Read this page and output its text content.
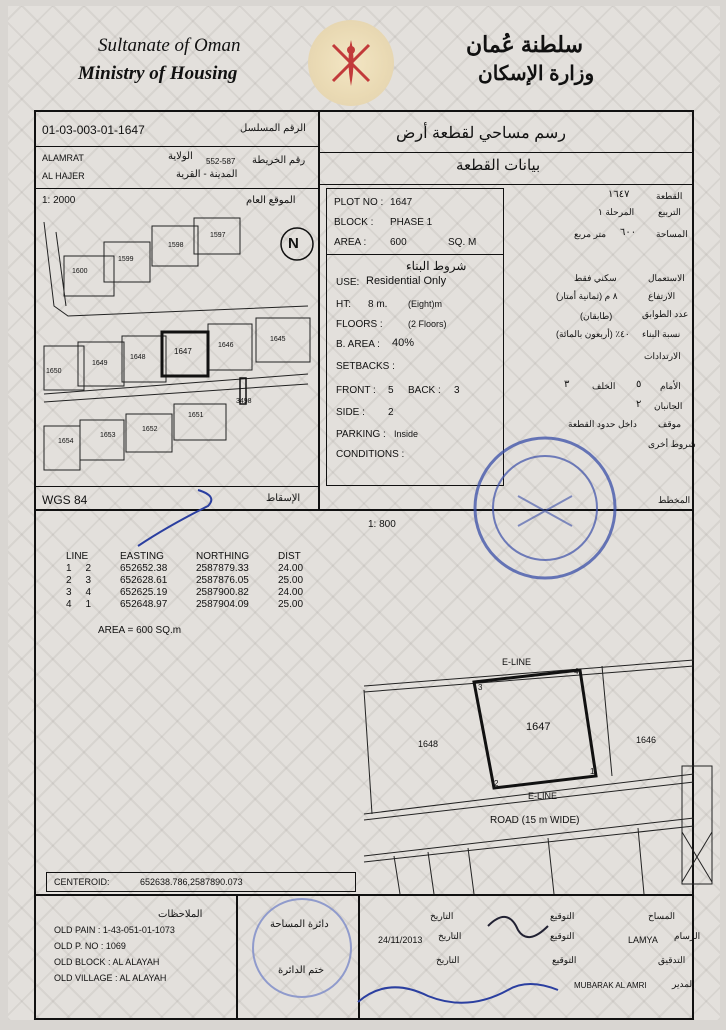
Sultanate of Oman
Ministry of Housing
سلطنة عُمان
وزارة الإسكان
01-03-003-01-1647	الرقم المسلسل
ALAMRAT	الولاية 552-587 رقم الخريطة
AL HAJER	المدينة - القرية
1: 2000	الموقع العام
WGS 84	الإسقاط
N
1600
1599
1598
1597
1645
1646
1647
1648
1649
1650
1651
1652
1653
1654
3498
رسم مساحي لقطعة أرض
بيانات القطعة
PLOT NO : 1647
BLOCK : PHASE 1
AREA : 600	SQ. M
شروط البناء
USE: Residential Only
HT: 8 m. (Eight)m
FLOORS :	(2 Floors)
B. AREA : 40%
SETBACKS :
FRONT : 5 BACK : 3
SIDE : 2
PARKING : Inside
CONDITIONS :
١٦٤٧	القطعة
المرحلة ١	التربيع
متر مربع ٦٠٠ المساحة
سكني فقط	الاستعمال
٨ م (ثمانية أمتار)	الارتفاع
(طابقان)	عدد الطوابق
٤٠٪ (أربعون بالمائة) نسبة البناء
الارتدادات
٣	الخلف ٥ الأمام
٢ الجانبان
داخل حدود القطعة موقف
شروط أخرى
المخطط
1: 800
LINE	EASTING	NORTHING	DIST
1 2	652652.38	2587879.33	24.00
2 3	652628.61	2587876.05	25.00
3 4	652625.19	2587900.82	24.00
4 1	652648.97	2587904.09	25.00
AREA = 600 SQ.m
E-LINE
E-LINE
ROAD (15 m WIDE)
1647
1648	1646
1
2
3
4
CENTEROID:	652638.786,2587890.073
الملاحظات
OLD PAIN : 1-43-051-01-1073
OLD P. NO : 1069
OLD BLOCK : AL ALAYAH
OLD VILLAGE : AL ALAYAH
دائرة المساحة
ختم الدائرة
المساح
التوقيع
التاريخ
الرسام
LAMYA
التوقيع
التاريخ
24/11/2013
التدقيق
التوقيع
التاريخ
المدير
MUBARAK AL AMRI
